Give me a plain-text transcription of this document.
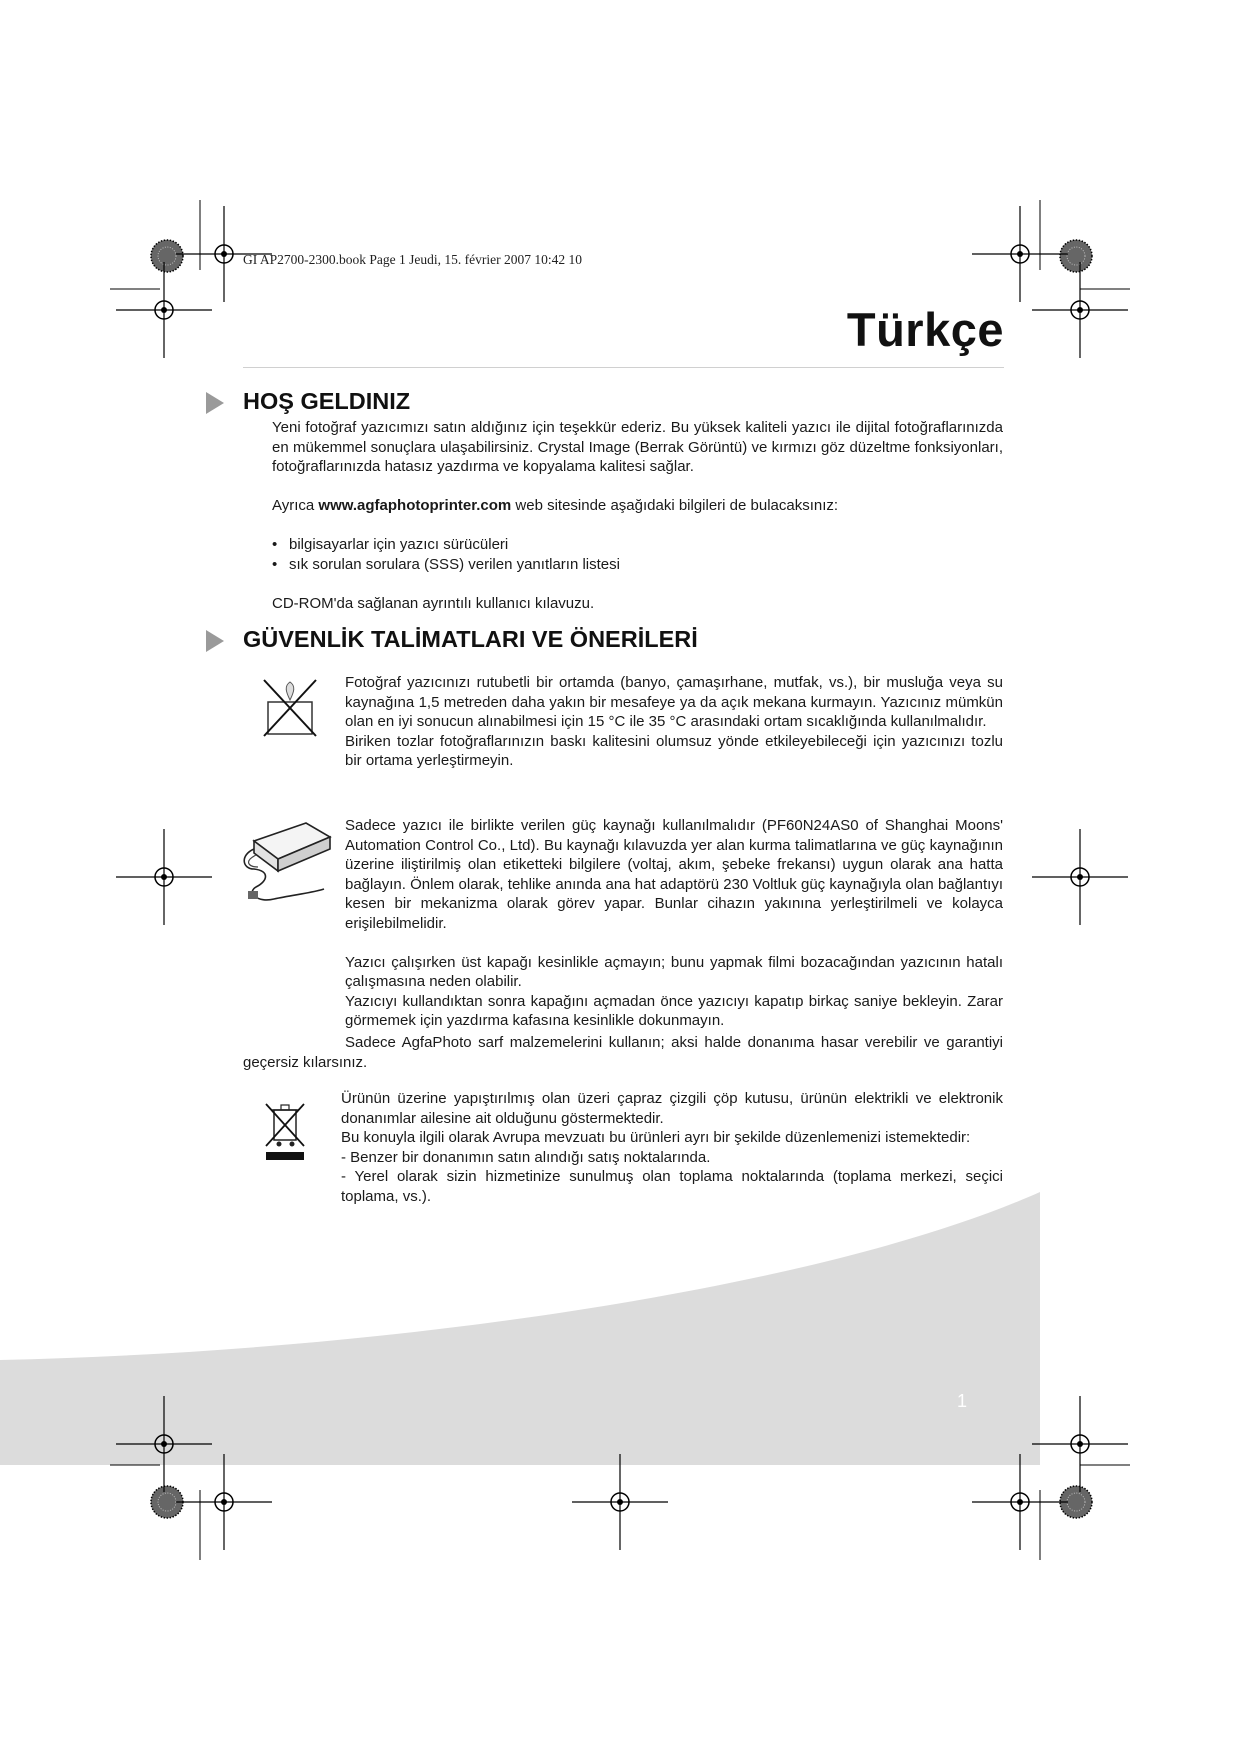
GI AP2700-2300.book Page 1 Jeudi, 15. février 2007 10:42 10
Türkçe
HOŞ GELDINIZ

Yeni fotoğraf yazıcımızı satın aldığınız için teşekkür ederiz. Bu yüksek kaliteli yazıcı ile dijital fotoğraflarınızda en mükemmel sonuçlara ulaşabilirsiniz. Crystal Image (Berrak Görüntü) ve kırmızı göz düzeltme fonksiyonları, fotoğraflarınızda hatasız yazdırma ve kopyalama kalitesi sağlar.

Ayrıca www.agfaphotoprinter.com web sitesinde aşağıdaki bilgileri de bulacaksınız:

• bilgisayarlar için yazıcı sürücüleri
• sık sorulan sorulara (SSS) verilen yanıtların listesi

CD-ROM'da sağlanan ayrıntılı kullanıcı kılavuzu.

GÜVENLİK TALİMATLARI VE ÖNERİLERİ

Fotoğraf yazıcınızı rutubetli bir ortamda (banyo, çamaşırhane, mutfak, vs.), bir musluğa veya su kaynağına 1,5 metreden daha yakın bir mesafeye ya da açık mekana kurmayın. Yazıcınız mümkün olan en iyi sonucun alınabilmesi için 15 °C ile 35 °C arasındaki ortam sıcaklığında kullanılmalıdır.

Biriken tozlar fotoğraflarınızın baskı kalitesini olumsuz yönde etkileyebileceği için yazıcınızı tozlu bir ortama yerleştirmeyin.

Sadece yazıcı ile birlikte verilen güç kaynağı kullanılmalıdır (PF60N24AS0 of Shanghai Moons' Automation Control Co., Ltd). Bu kaynağı kılavuzda yer alan kurma talimatlarına ve güç kaynağının üzerine iliştirilmiş olan etiketteki bilgilere (voltaj, akım, şebeke frekansı) uygun olarak ana hatta bağlayın. Önlem olarak, tehlike anında ana hat adaptörü 230 Voltluk güç kaynağıyla olan bağlantıyı kesen bir mekanizma olarak görev yapar. Bunlar cihazın yakınına yerleştirilmeli ve kolayca erişilebilmelidir.

Yazıcı çalışırken üst kapağı kesinlikle açmayın; bunu yapmak filmi bozacağından yazıcının hatalı çalışmasına neden olabilir.

Yazıcıyı kullandıktan sonra kapağını açmadan önce yazıcıyı kapatıp birkaç saniye bekleyin. Zarar görmemek için yazdırma kafasına kesinlikle dokunmayın.

Sadece AgfaPhoto sarf malzemelerini kullanın; aksi halde donanıma hasar verebilir ve garantiyi geçersiz kılarsınız.

Ürünün üzerine yapıştırılmış olan üzeri çapraz çizgili çöp kutusu, ürünün elektrikli ve elektronik donanımlar ailesine ait olduğunu göstermektedir.

Bu konuyla ilgili olarak Avrupa mevzuatı bu ürünleri ayrı bir şekilde düzenlemenizi istemektedir:

- Benzer bir donanımın satın alındığı satış noktalarında.

- Yerel olarak sizin hizmetinize sunulmuş olan toplama noktalarında (toplama merkezi, seçici toplama, vs.).

1
